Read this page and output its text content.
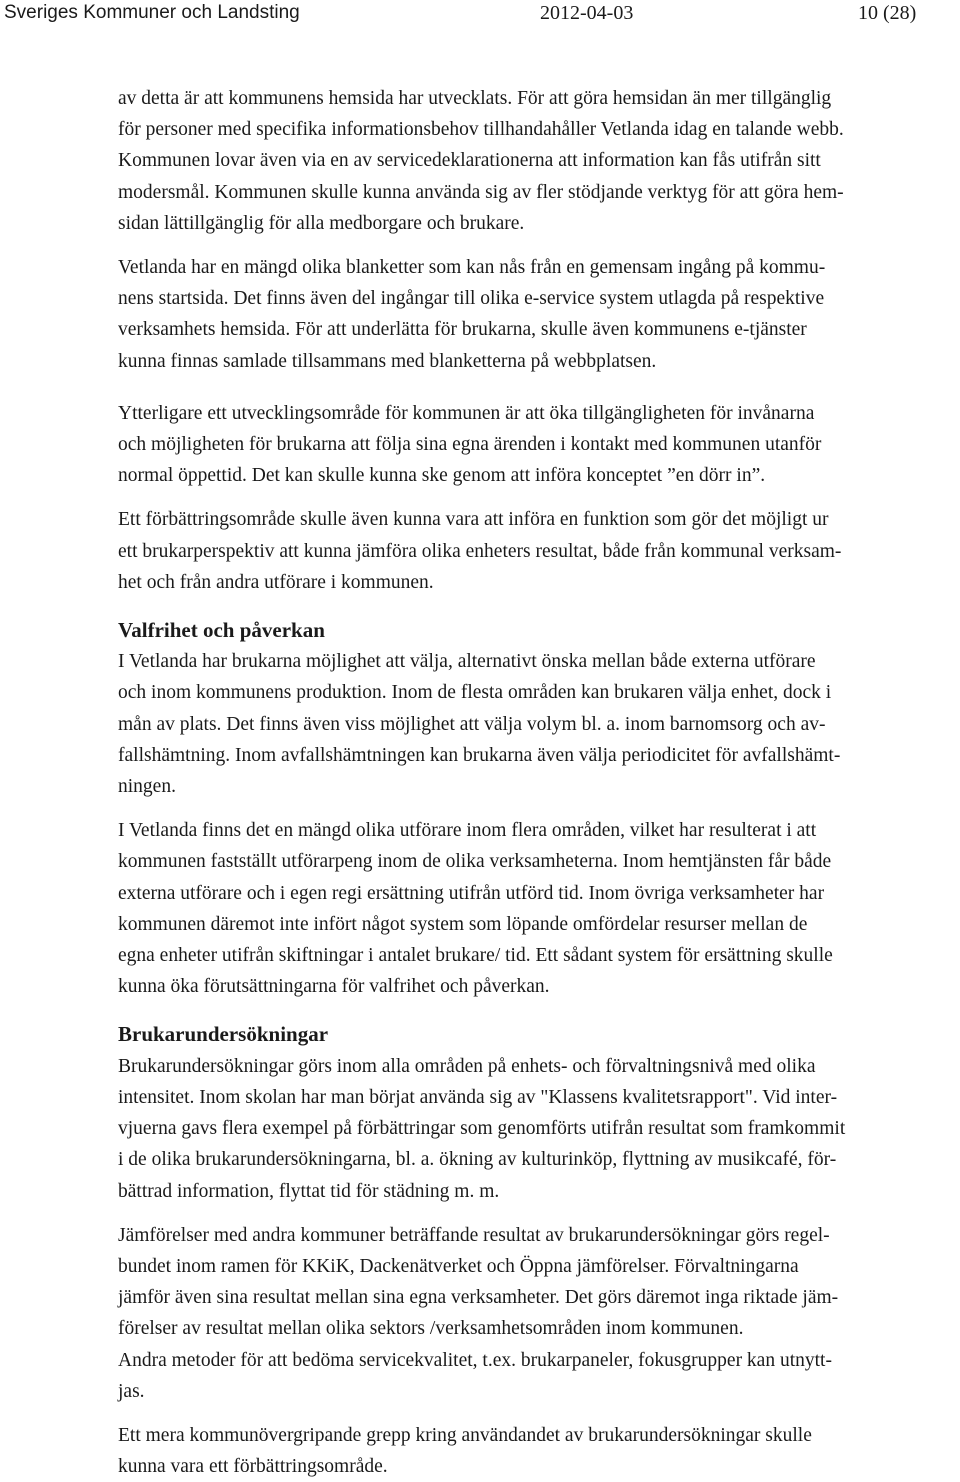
Sveriges Kommuner och Landsting	2012-04-03	10 (28)
av detta är att kommunens hemsida har utvecklats. För att göra hemsidan än mer tillgänglig
för personer med specifika informationsbehov tillhandahåller Vetlanda idag en talande webb.
Kommunen lovar även via en av servicedeklarationerna att information kan fås utifrån sitt
modersmål. Kommunen skulle kunna använda sig av fler stödjande verktyg för att göra hem-
sidan lättillgänglig för alla medborgare och brukare.
Vetlanda har en mängd olika blanketter som kan nås från en gemensam ingång på kommu-
nens startsida. Det finns även del ingångar till olika e-service system utlagda på respektive
verksamhets hemsida. För att underlätta för brukarna, skulle även kommunens e-tjänster
kunna finnas samlade tillsammans med blanketterna på webbplatsen.
Ytterligare ett utvecklingsområde för kommunen är att öka tillgängligheten för invånarna
och möjligheten för brukarna att följa sina egna ärenden i kontakt med kommunen utanför
normal öppettid. Det kan skulle kunna ske genom att införa konceptet ”en dörr in”.
Ett förbättringsområde skulle även kunna vara att införa en funktion som gör det möjligt ur
ett brukarperspektiv att kunna jämföra olika enheters resultat, både från kommunal verksam-
het och från andra utförare i kommunen.
Valfrihet och påverkan
I Vetlanda har brukarna möjlighet att välja, alternativt önska mellan både externa utförare
och inom kommunens produktion. Inom de flesta områden kan brukaren välja enhet, dock i
mån av plats. Det finns även viss möjlighet att välja volym bl. a. inom barnomsorg och av-
fallshämtning. Inom avfallshämtningen kan brukarna även välja periodicitet för avfallshämt-
ningen.
I Vetlanda finns det en mängd olika utförare inom flera områden, vilket har resulterat i att
kommunen fastställt utförarpeng inom de olika verksamheterna. Inom hemtjänsten får både
externa utförare och i egen regi ersättning utifrån utförd tid. Inom övriga verksamheter har
kommunen däremot inte infört något system som löpande omfördelar resurser mellan de
egna enheter utifrån skiftningar i antalet brukare/ tid. Ett sådant system för ersättning skulle
kunna öka förutsättningarna för valfrihet och påverkan.
Brukarundersökningar
Brukarundersökningar görs inom alla områden på enhets- och förvaltningsnivå med olika
intensitet. Inom skolan har man börjat använda sig av "Klassens kvalitetsrapport". Vid inter-
vjuerna gavs flera exempel på förbättringar som genomförts utifrån resultat som framkommit
i de olika brukarundersökningarna, bl. a. ökning av kulturinköp, flyttning av musikcafé, för-
bättrad information, flyttat tid för städning m. m.
Jämförelser med andra kommuner beträffande resultat av brukarundersökningar görs regel-
bundet inom ramen för KKiK, Dackenätverket och Öppna jämförelser. Förvaltningarna
jämför även sina resultat mellan sina egna verksamheter. Det görs däremot inga riktade jäm-
förelser av resultat mellan olika sektors /verksamhetsområden inom kommunen.
Andra metoder för att bedöma servicekvalitet, t.ex. brukarpaneler, fokusgrupper kan utnytt-
jas.
Ett mera kommunövergripande grepp kring användandet av brukarundersökningar skulle
kunna vara ett förbättringsområde.
